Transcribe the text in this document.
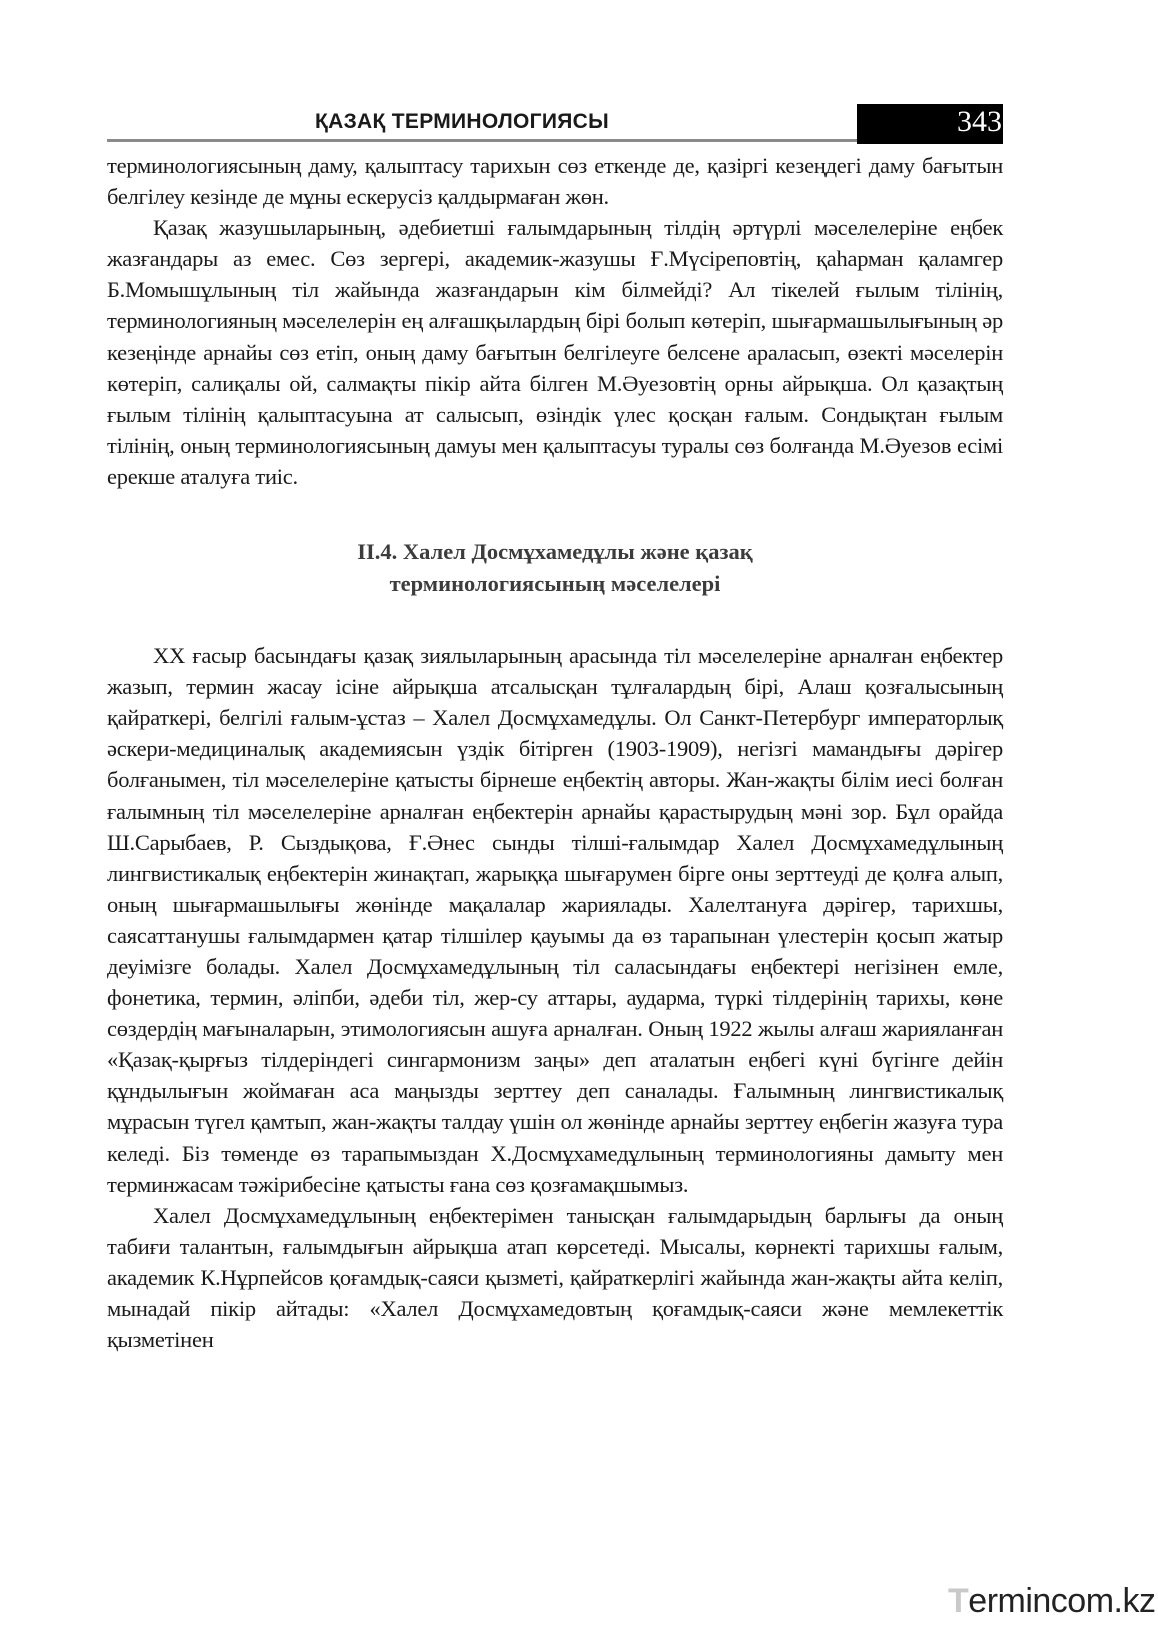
ҚАЗАҚ ТЕРМИНОЛОГИЯСЫ	343

терминологиясының даму, қалыптасу тарихын сөз еткенде де, қазіргі кезеңдегі даму бағытын белгілеу кезінде де мұны ескерусіз қалдырмаған жөн.

Қазақ жазушыларының, әдебиетші ғалымдарының тілдің әртүрлі мәселелеріне еңбек жазғандары аз емес. Сөз зергері, академик-жазушы Ғ.Мүсіреповтің, қаһарман қаламгер Б.Момышұлының тіл жайында жазғандарын кім білмейді? Ал тікелей ғылым тілінің, терминологияның мәселелерін ең алғашқылардың бірі болып көтеріп, шығармашылығының әр кезеңінде арнайы сөз етіп, оның даму бағытын белгілеуге белсене араласып, өзекті мәселерін көтеріп, салиқалы ой, салмақты пікір айта білген М.Әуезовтің орны айрықша. Ол қазақтың ғылым тілінің қалыптасуына ат салысып, өзіндік үлес қосқан ғалым. Сондықтан ғылым тілінің, оның терминологиясының дамуы мен қалыптасуы туралы сөз болғанда М.Әуезов есімі ерекше аталуға тиіс.

II.4. Халел Досмұхамедұлы және қазақ
терминологиясының мәселелері

XX ғасыр басындағы қазақ зиялыларының арасында тіл мәселелеріне арналған еңбектер жазып, термин жасау ісіне айрықша атсалысқан тұлғалардың бірі, Алаш қозғалысының қайраткері, белгілі ғалым-ұстаз – Халел Досмұхамедұлы. Ол Санкт-Петербург императорлық әскери-медициналық академиясын үздік бітірген (1903-1909), негізгі мамандығы дәрігер болғанымен, тіл мәселелеріне қатысты бірнеше еңбектің авторы. Жан-жақты білім иесі болған ғалымның тіл мәселелеріне арналған еңбектерін арнайы қарастырудың мәні зор. Бұл орайда Ш.Сарыбаев, Р. Сыздықова, Ғ.Әнес сынды тілші-ғалымдар Халел Досмұхамедұлының лингвистикалық еңбектерін жинақтап, жарыққа шығарумен бірге оны зерттеуді де қолға алып, оның шығармашылығы жөнінде мақалалар жариялады. Халелтануға дәрігер, тарихшы, саясаттанушы ғалымдармен қатар тілшілер қауымы да өз тарапынан үлестерін қосып жатыр деуімізге болады. Халел Досмұхамедұлының тіл саласындағы еңбектері негізінен емле, фонетика, термин, әліпби, әдеби тіл, жер-су аттары, аударма, түркі тілдерінің тарихы, көне сөздердің мағыналарын, этимологиясын ашуға арналған. Оның 1922 жылы алғаш жарияланған «Қазақ-қырғыз тілдеріндегі сингармонизм заңы» деп аталатын еңбегі күні бүгінге дейін құндылығын жоймаған аса маңызды зерттеу деп саналады. Ғалымның лингвистикалық мұрасын түгел қамтып, жан-жақты талдау үшін ол жөнінде арнайы зерттеу еңбегін жазуға тура келеді. Біз төменде өз тарапымыздан Х.Досмұхамедұлының терминологияны дамыту мен терминжасам тәжірибесіне қатысты ғана сөз қозғамақшымыз.

Халел Досмұхамедұлының еңбектерімен танысқан ғалымдарыдың барлығы да оның табиғи талантын, ғалымдығын айрықша атап көрсетеді. Мысалы, көрнекті тарихшы ғалым, академик К.Нұрпейсов қоғамдық-саяси қызметі, қайраткерлігі жайында жан-жақты айта келіп, мынадай пікір айтады: «Халел Досмұхамедовтың қоғамдық-саяси және мемлекеттік қызметінен

Termincom.kz
